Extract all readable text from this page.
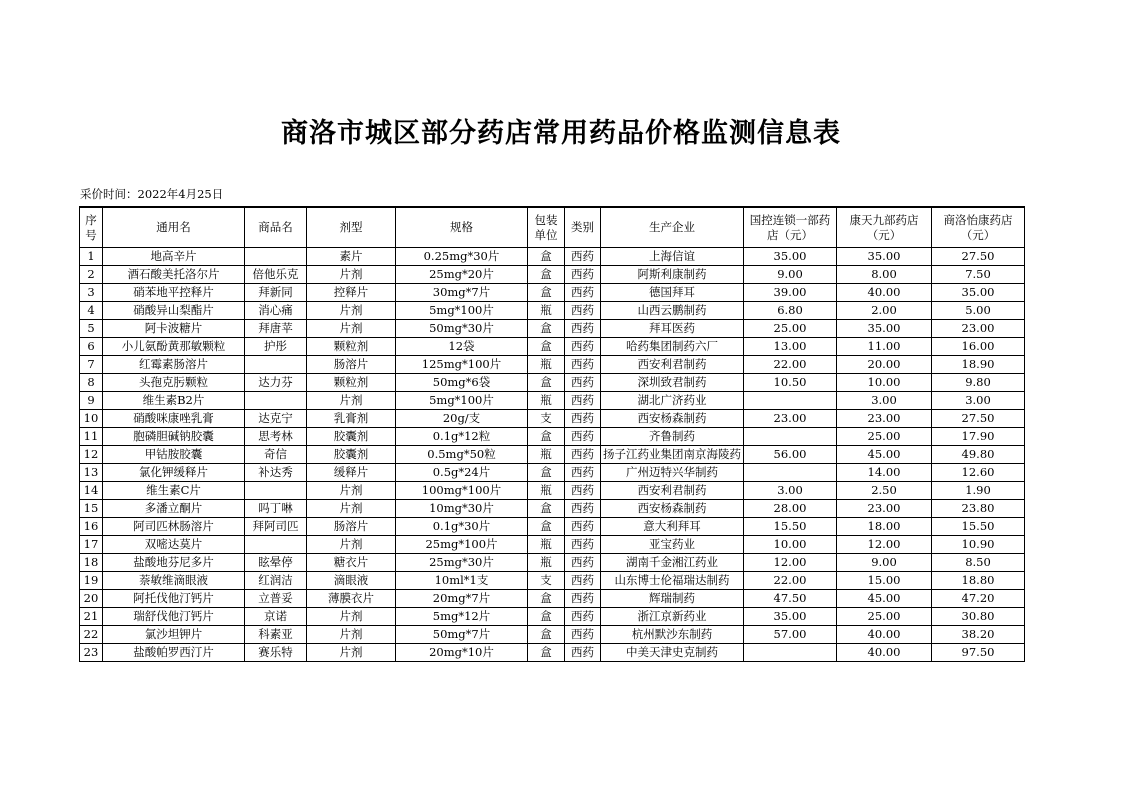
商洛市城区部分药店常用药品价格监测信息表
采价时间：2022年4月25日
序号	通用名	商品名	剂型	规格	包装单位	类别	生产企业	国控连锁一部药店（元）	康天九部药店（元）	商洛怡康药店（元）
1	地高辛片		素片	0.25mg*30片	盒	西药	上海信谊	35.00	35.00	27.50
2	酒石酸美托洛尔片	倍他乐克	片剂	25mg*20片	盒	西药	阿斯利康制药	9.00	8.00	7.50
3	硝苯地平控释片	拜新同	控释片	30mg*7片	盒	西药	德国拜耳	39.00	40.00	35.00
4	硝酸异山梨酯片	消心痛	片剂	5mg*100片	瓶	西药	山西云鹏制药	6.80	2.00	5.00
5	阿卡波糖片	拜唐苹	片剂	50mg*30片	盒	西药	拜耳医药	25.00	35.00	23.00
6	小儿氨酚黄那敏颗粒	护彤	颗粒剂	12袋	盒	西药	哈药集团制药六厂	13.00	11.00	16.00
7	红霉素肠溶片		肠溶片	125mg*100片	瓶	西药	西安利君制药	22.00	20.00	18.90
8	头孢克肟颗粒	达力芬	颗粒剂	50mg*6袋	盒	西药	深圳致君制药	10.50	10.00	9.80
9	维生素B2片		片剂	5mg*100片	瓶	西药	湖北广济药业		3.00	3.00
10	硝酸咪康唑乳膏	达克宁	乳膏剂	20g/支	支	西药	西安杨森制药	23.00	23.00	27.50
11	胞磷胆碱钠胶囊	思考林	胶囊剂	0.1g*12粒	盒	西药	齐鲁制药		25.00	17.90
12	甲钴胺胶囊	奇信	胶囊剂	0.5mg*50粒	瓶	西药	扬子江药业集团南京海陵药	56.00	45.00	49.80
13	氯化钾缓释片	补达秀	缓释片	0.5g*24片	盒	西药	广州迈特兴华制药		14.00	12.60
14	维生素C片		片剂	100mg*100片	瓶	西药	西安利君制药	3.00	2.50	1.90
15	多潘立酮片	吗丁啉	片剂	10mg*30片	盒	西药	西安杨森制药	28.00	23.00	23.80
16	阿司匹林肠溶片	拜阿司匹	肠溶片	0.1g*30片	盒	西药	意大利拜耳	15.50	18.00	15.50
17	双嘧达莫片		片剂	25mg*100片	瓶	西药	亚宝药业	10.00	12.00	10.90
18	盐酸地芬尼多片	眩晕停	糖衣片	25mg*30片	瓶	西药	湖南千金湘江药业	12.00	9.00	8.50
19	萘敏维滴眼液	红润洁	滴眼液	10ml*1支	支	西药	山东博士伦福瑞达制药	22.00	15.00	18.80
20	阿托伐他汀钙片	立普妥	薄膜衣片	20mg*7片	盒	西药	辉瑞制药	47.50	45.00	47.20
21	瑞舒伐他汀钙片	京诺	片剂	5mg*12片	盒	西药	浙江京新药业	35.00	25.00	30.80
22	氯沙坦钾片	科素亚	片剂	50mg*7片	盒	西药	杭州默沙东制药	57.00	40.00	38.20
23	盐酸帕罗西汀片	赛乐特	片剂	20mg*10片	盒	西药	中美天津史克制药		40.00	97.50
